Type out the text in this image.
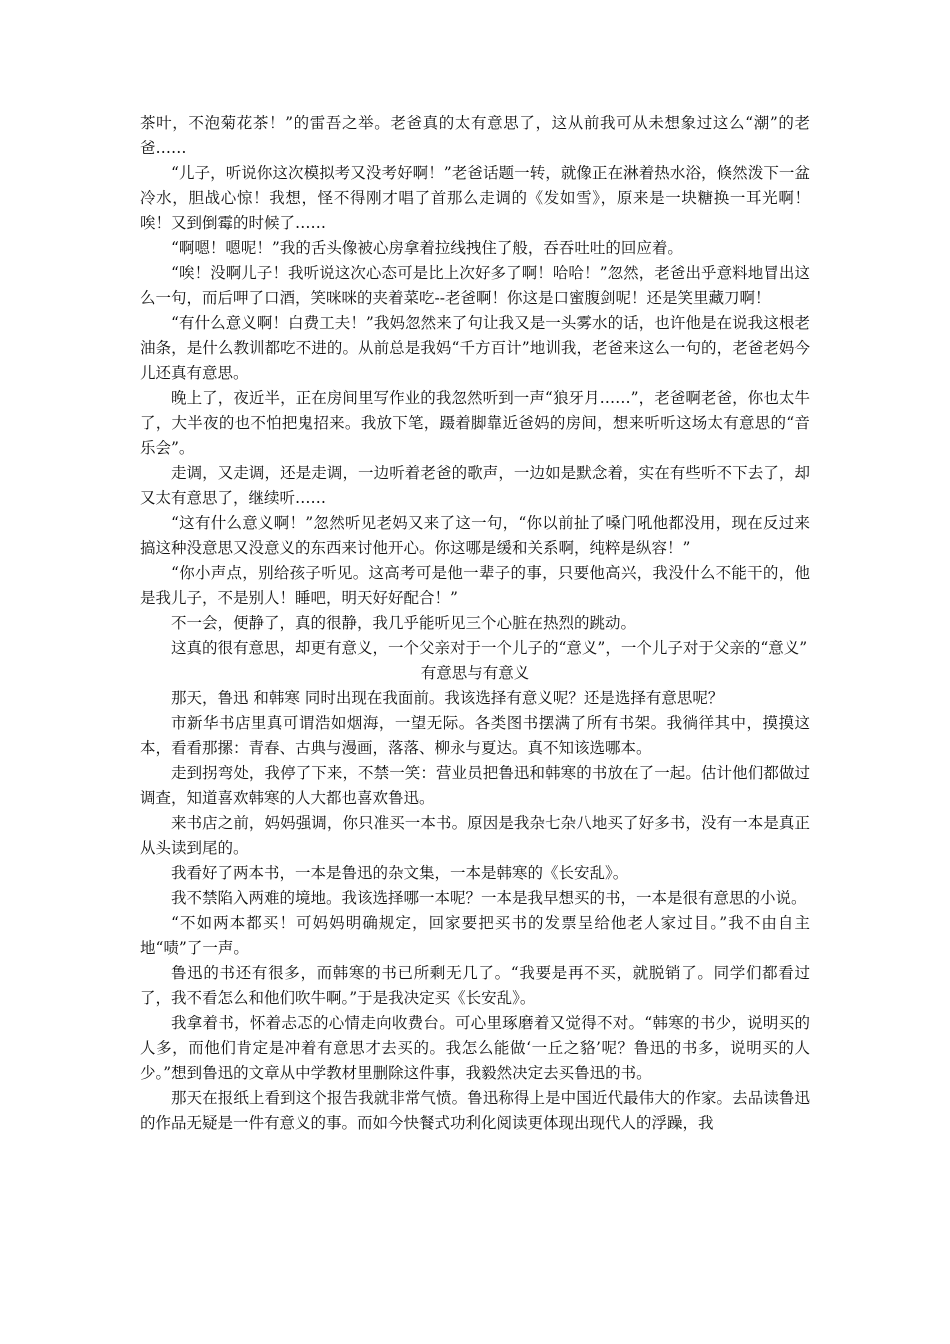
茶叶，不泡菊花茶！”的雷吾之举。老爸真的太有意思了，这从前我可从未想象过这么“潮”的老爸……

“儿子，听说你这次模拟考又没考好啊！”老爸话题一转，就像正在淋着热水浴，倏然泼下一盆冷水，胆战心惊！我想，怪不得刚才唱了首那么走调的《发如雪》，原来是一块糖换一耳光啊！唉！又到倒霉的时候了……

“啊嗯！嗯呢！”我的舌头像被心房拿着拉线拽住了般，吞吞吐吐的回应着。

“唉！没啊儿子！我听说这次心态可是比上次好多了啊！哈哈！”忽然，老爸出乎意料地冒出这么一句，而后呷了口酒，笑咪咪的夹着菜吃--老爸啊！你这是口蜜腹剑呢！还是笑里藏刀啊！

“有什么意义啊！白费工夫！”我妈忽然来了句让我又是一头雾水的话，也许他是在说我这根老油条，是什么教训都吃不进的。从前总是我妈“千方百计”地训我，老爸来这么一句的，老爸老妈今儿还真有意思。

晚上了，夜近半，正在房间里写作业的我忽然听到一声“狼牙月……”，老爸啊老爸，你也太牛了，大半夜的也不怕把鬼招来。我放下笔，蹑着脚靠近爸妈的房间，想来听听这场太有意思的“音乐会”。

走调，又走调，还是走调，一边听着老爸的歌声，一边如是默念着，实在有些听不下去了，却又太有意思了，继续听……

“这有什么意义啊！”忽然听见老妈又来了这一句，“你以前扯了嗓门吼他都没用，现在反过来搞这种没意思又没意义的东西来讨他开心。你这哪是缓和关系啊，纯粹是纵容！”

“你小声点，别给孩子听见。这高考可是他一辈子的事，只要他高兴，我没什么不能干的，他是我儿子，不是别人！睡吧，明天好好配合！”

不一会，便静了，真的很静，我几乎能听见三个心脏在热烈的跳动。

这真的很有意思，却更有意义，一个父亲对于一个儿子的“意义”，一个儿子对于父亲的“意义”

有意思与有意义

那天，鲁迅 和韩寒 同时出现在我面前。我该选择有意义呢？还是选择有意思呢？

市新华书店里真可谓浩如烟海，一望无际。各类图书摆满了所有书架。我徜徉其中，摸摸这本，看看那摞：青春、古典与漫画，落落、柳永与夏达。真不知该选哪本。

走到拐弯处，我停了下来，不禁一笑：营业员把鲁迅和韩寒的书放在了一起。估计他们都做过调查，知道喜欢韩寒的人大都也喜欢鲁迅。

来书店之前，妈妈强调，你只准买一本书。原因是我杂七杂八地买了好多书，没有一本是真正从头读到尾的。

我看好了两本书，一本是鲁迅的杂文集，一本是韩寒的《长安乱》。

我不禁陷入两难的境地。我该选择哪一本呢？一本是我早想买的书，一本是很有意思的小说。

“不如两本都买！可妈妈明确规定，回家要把买书的发票呈给他老人家过目。”我不由自主地“啧”了一声。

鲁迅的书还有很多，而韩寒的书已所剩无几了。“我要是再不买，就脱销了。同学们都看过了，我不看怎么和他们吹牛啊。”于是我决定买《长安乱》。

我拿着书，怀着忐忑的心情走向收费台。可心里琢磨着又觉得不对。“韩寒的书少，说明买的人多，而他们肯定是冲着有意思才去买的。我怎么能做‘一丘之貉’呢？鲁迅的书多，说明买的人少。”想到鲁迅的文章从中学教材里删除这件事，我毅然决定去买鲁迅的书。

那天在报纸上看到这个报告我就非常气愤。鲁迅称得上是中国近代最伟大的作家。去品读鲁迅的作品无疑是一件有意义的事。而如今快餐式功利化阅读更体现出现代人的浮躁，我
